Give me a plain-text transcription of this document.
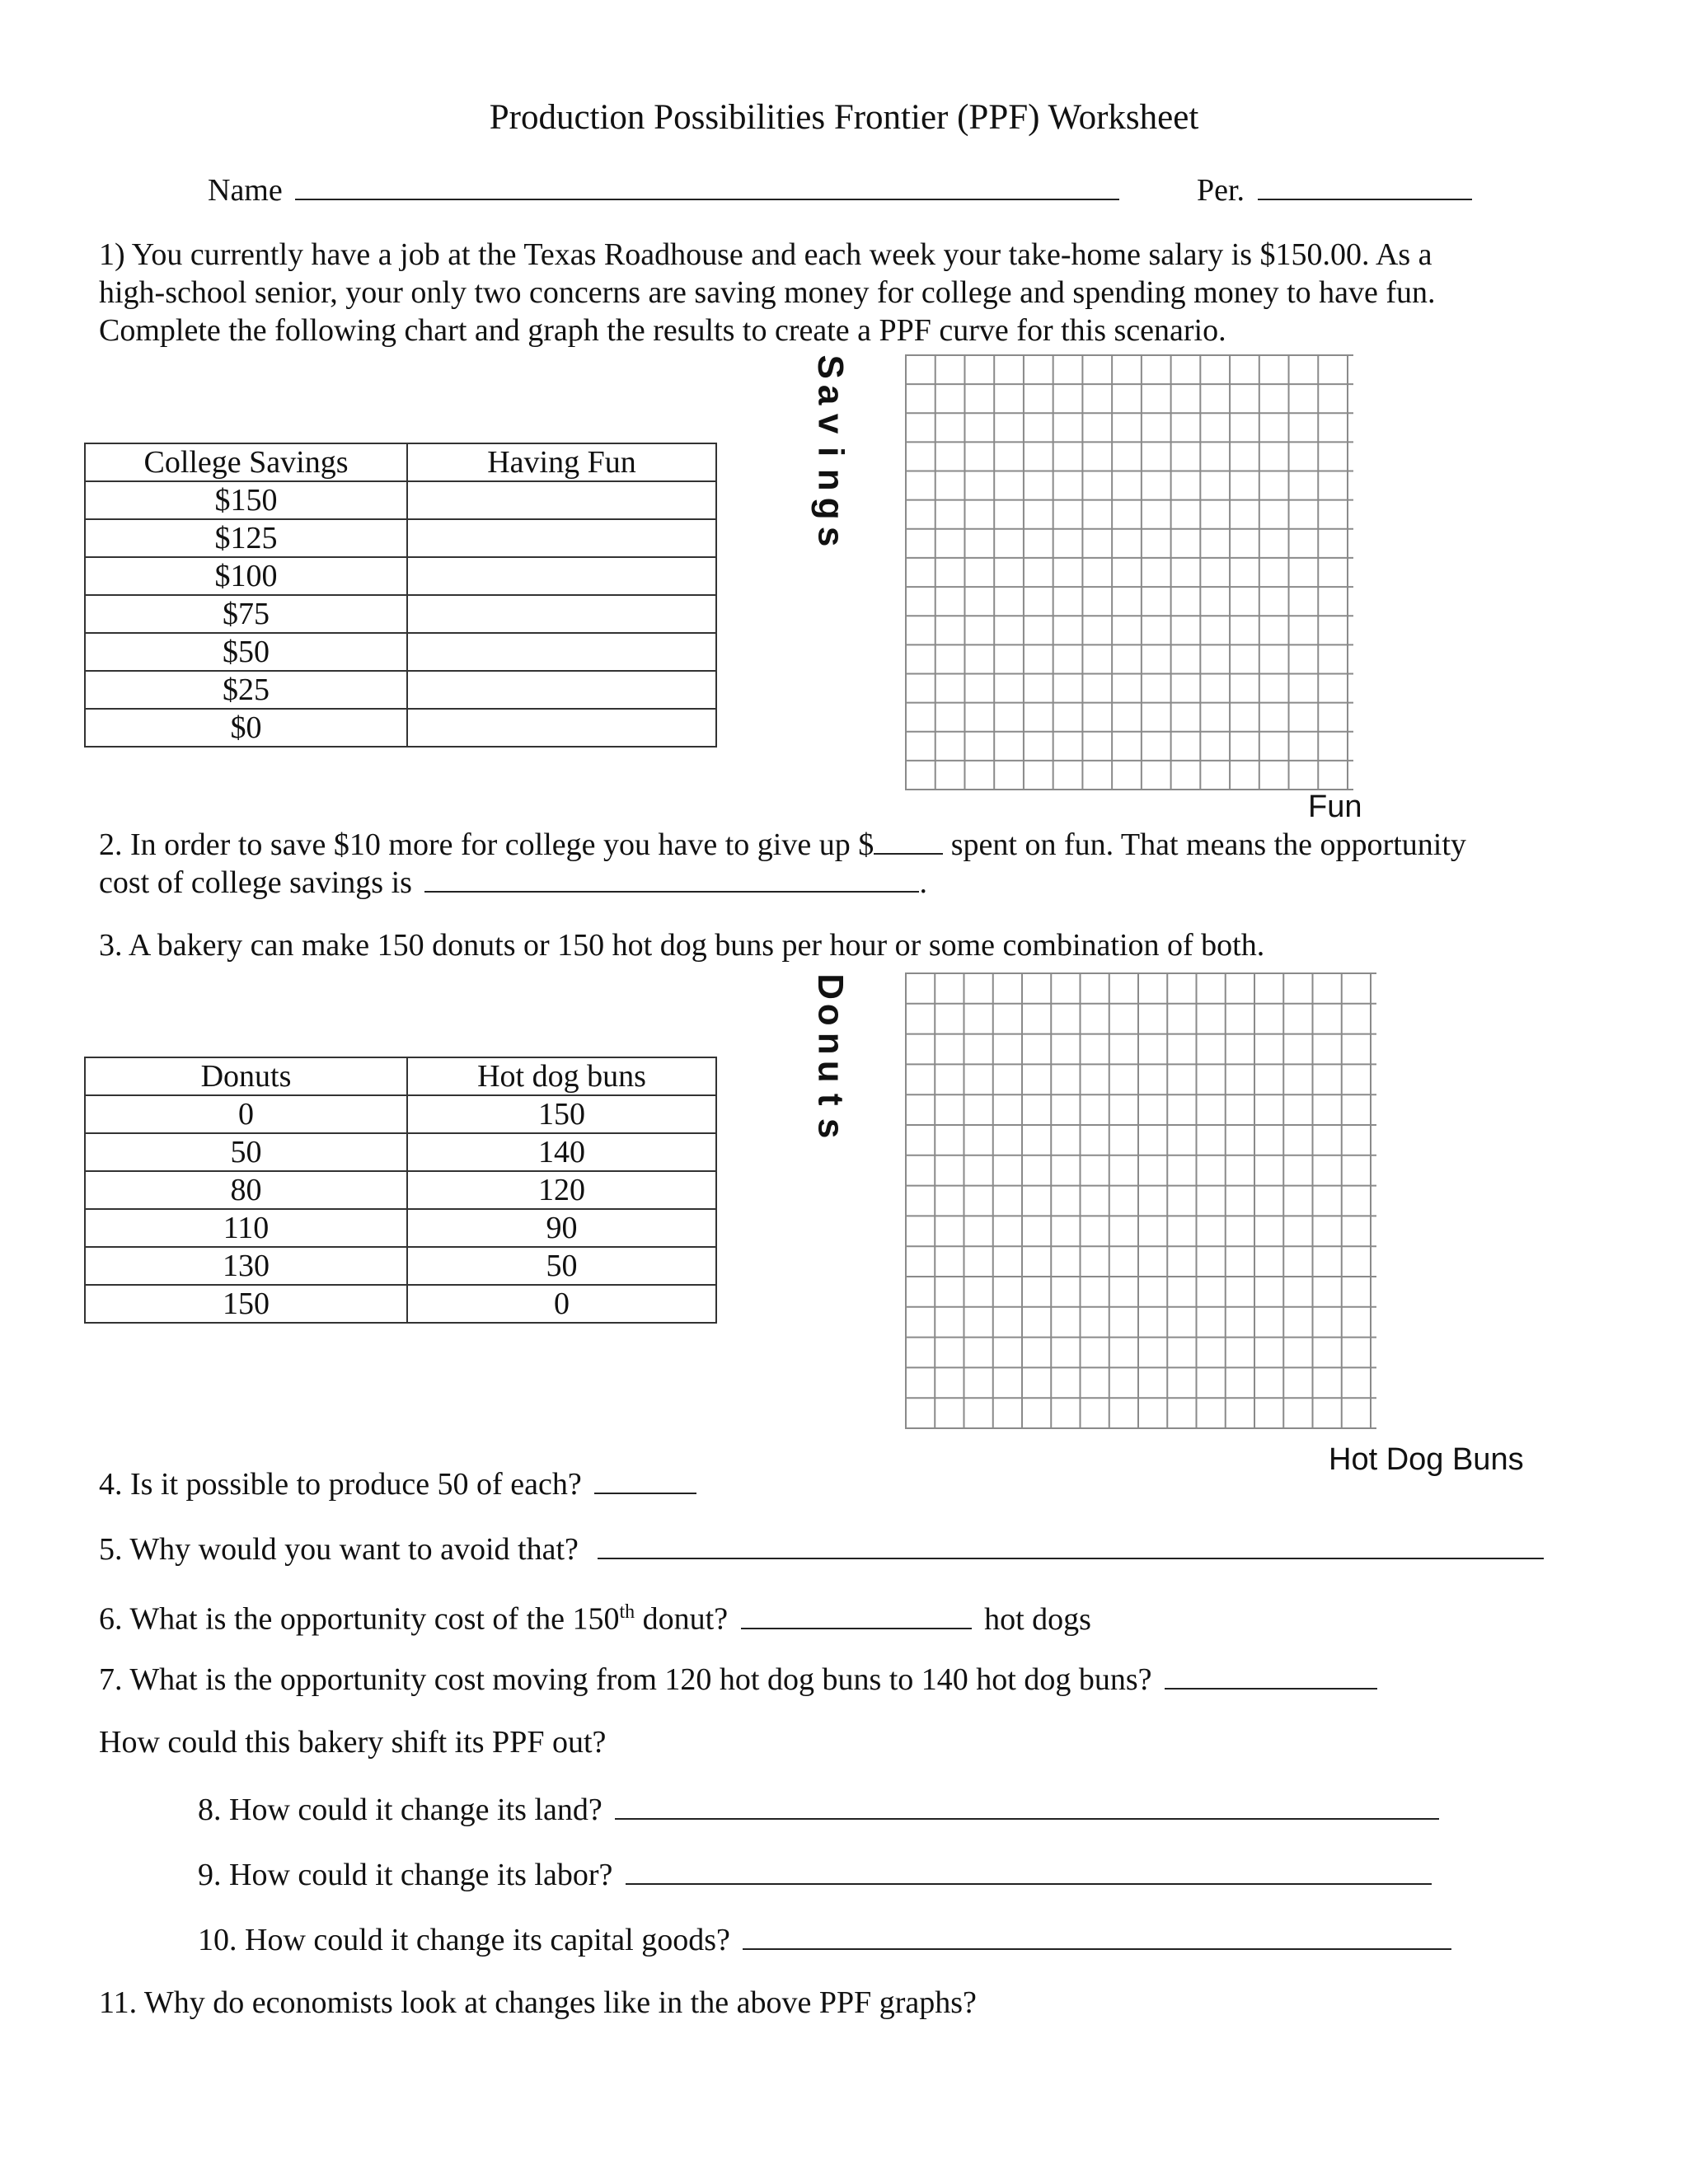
Production Possibilities Frontier (PPF) Worksheet
Name	Per.
1) You currently have a job at the Texas Roadhouse and each week your take-home salary is $150.00. As a
high-school senior, your only two concerns are saving money for college and spending money to have fun.
Complete the following chart and graph the results to create a PPF curve for this scenario.
College Savings	Having Fun
$150	
$125	
$100	
$75	
$50	
$25	
$0	
S
a
v
i
n
g
s
Fun
2. In order to save $10 more for college you have to give up $ spent on fun. That means the opportunity
cost of college savings is	.
3. A bakery can make 150 donuts or 150 hot dog buns per hour or some combination of both.
Donuts	Hot dog buns
0	150
50	140
80	120
110	90
130	50
150	0
D
o
n
u
t
s
Hot Dog Buns
4. Is it possible to produce 50 of each?
5. Why would you want to avoid that?
6. What is the opportunity cost of the 150th donut?	hot dogs
7. What is the opportunity cost moving from 120 hot dog buns to 140 hot dog buns?
How could this bakery shift its PPF out?
8. How could it change its land?
9. How could it change its labor?
10. How could it change its capital goods?
11. Why do economists look at changes like in the above PPF graphs?
